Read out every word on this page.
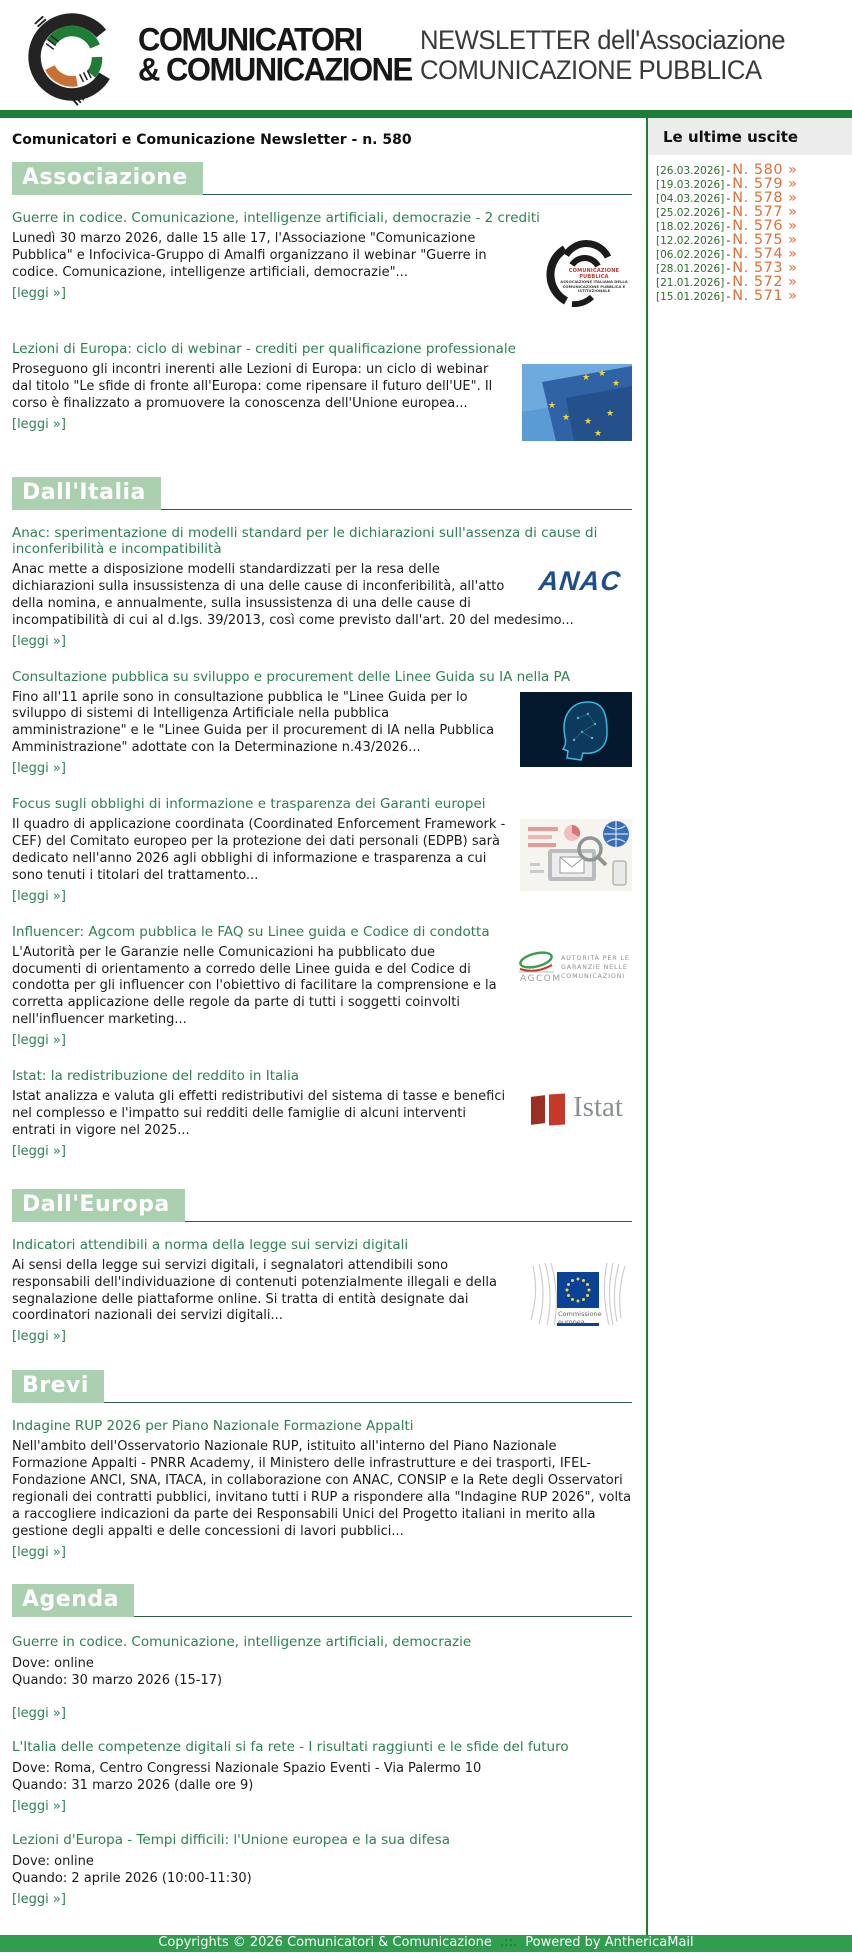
COMUNICATORI
& COMUNICAZIONE
NEWSLETTER dell'Associazione
COMUNICAZIONE PUBBLICA
Comunicatori e Comunicazione Newsletter - n. 580
Associazione
Guerre in codice. Comunicazione, intelligenze artificiali, democrazie - 2 crediti
COMUNICAZIONE PUBBLICA
ASSOCIAZIONE ITALIANA DELLA COMUNICAZIONE PUBBLICA E ISTITUZIONALE

Lunedì 30 marzo 2026, dalle 15 alle 17, l'Associazione "Comunicazione Pubblica" e Infocivica-Gruppo di Amalfi organizzano il webinar "Guerre in codice. Comunicazione, intelligenze artificiali, democrazie"...

[leggi »]
Lezioni di Europa: ciclo di webinar - crediti per qualificazione professionale
★ ★
★
★
★ ★
★
★

Proseguono gli incontri inerenti alle Lezioni di Europa: un ciclo di webinar dal titolo "Le sfide di fronte all'Europa: come ripensare il futuro dell'UE". Il corso è finalizzato a promuovere la conoscenza dell'Unione europea...

[leggi »]
Dall'Italia
Anac: sperimentazione di modelli standard per le dichiarazioni sull'assenza di cause di inconferibilità e incompatibilità
ANAC

Anac mette a disposizione modelli standardizzati per la resa delle dichiarazioni sulla insussistenza di una delle cause di inconferibilità, all'atto della nomina, e annualmente, sulla insussistenza di una delle cause di incompatibilità di cui al d.lgs. 39/2013, così come previsto dall'art. 20 del medesimo...

[leggi »]
Consultazione pubblica su sviluppo e procurement delle Linee Guida su IA nella PA

Fino all'11 aprile sono in consultazione pubblica le "Linee Guida per lo sviluppo di sistemi di Intelligenza Artificiale nella pubblica amministrazione" e le "Linee Guida per il procurement di IA nella Pubblica Amministrazione" adottate con la Determinazione n.43/2026...

[leggi »]
Focus sugli obblighi di informazione e trasparenza dei Garanti europei

Il quadro di applicazione coordinata (Coordinated Enforcement Framework - CEF) del Comitato europeo per la protezione dei dati personali (EDPB) sarà dedicato nell'anno 2026 agli obblighi di informazione e trasparenza a cui sono tenuti i titolari del trattamento...

[leggi »]
Influencer: Agcom pubblica le FAQ su Linee guida e Codice di condotta
AGCOM
AUTORITÀ PER LE
GARANZIE NELLE
COMUNICAZIONI

L'Autorità per le Garanzie nelle Comunicazioni ha pubblicato due documenti di orientamento a corredo delle Linee guida e del Codice di condotta per gli influencer con l'obiettivo di facilitare la comprensione e la corretta applicazione delle regole da parte di tutti i soggetti coinvolti nell'influencer marketing...

[leggi »]
Istat: la redistribuzione del reddito in Italia
Istat

Istat analizza e valuta gli effetti redistributivi del sistema di tasse e benefici nel complesso e l'impatto sui redditi delle famiglie di alcuni interventi entrati in vigore nel 2025...

[leggi »]
Dall'Europa
Indicatori attendibili a norma della legge sui servizi digitali
Commissione
europea

Ai sensi della legge sui servizi digitali, i segnalatori attendibili sono responsabili dell'individuazione di contenuti potenzialmente illegali e della segnalazione delle piattaforme online. Si tratta di entità designate dai coordinatori nazionali dei servizi digitali...

[leggi »]
Brevi
Indagine RUP 2026 per Piano Nazionale Formazione Appalti

Nell'ambito dell'Osservatorio Nazionale RUP, istituito all'interno del Piano Nazionale Formazione Appalti - PNRR Academy, il Ministero delle infrastrutture e dei trasporti, IFEL-Fondazione ANCI, SNA, ITACA, in collaborazione con ANAC, CONSIP e la Rete degli Osservatori regionali dei contratti pubblici, invitano tutti i RUP a rispondere alla "Indagine RUP 2026", volta a raccogliere indicazioni da parte dei Responsabili Unici del Progetto italiani in merito alla gestione degli appalti e delle concessioni di lavori pubblici...

[leggi »]
Agenda
Guerre in codice. Comunicazione, intelligenze artificiali, democrazie
Dove: online
Quando: 30 marzo 2026 (15-17)
[leggi »]
L'Italia delle competenze digitali si fa rete - I risultati raggiunti e le sfide del futuro
Dove: Roma, Centro Congressi Nazionale Spazio Eventi - Via Palermo 10
Quando: 31 marzo 2026 (dalle ore 9)
[leggi »]
Lezioni d'Europa - Tempi difficili: l'Unione europea e la sua difesa
Dove: online
Quando: 2 aprile 2026 (10:00-11:30)
[leggi »]
Le ultime uscite
[26.03.2026] - N. 580 »
[19.03.2026] - N. 579 »
[04.03.2026] - N. 578 »
[25.02.2026] - N. 577 »
[18.02.2026] - N. 576 »
[12.02.2026] - N. 575 »
[06.02.2026] - N. 574 »
[28.01.2026] - N. 573 »
[21.01.2026] - N. 572 »
[15.01.2026] - N. 571 »
Copyrights © 2026 Comunicatori & Comunicazione .::. Powered by AnthericaMail
